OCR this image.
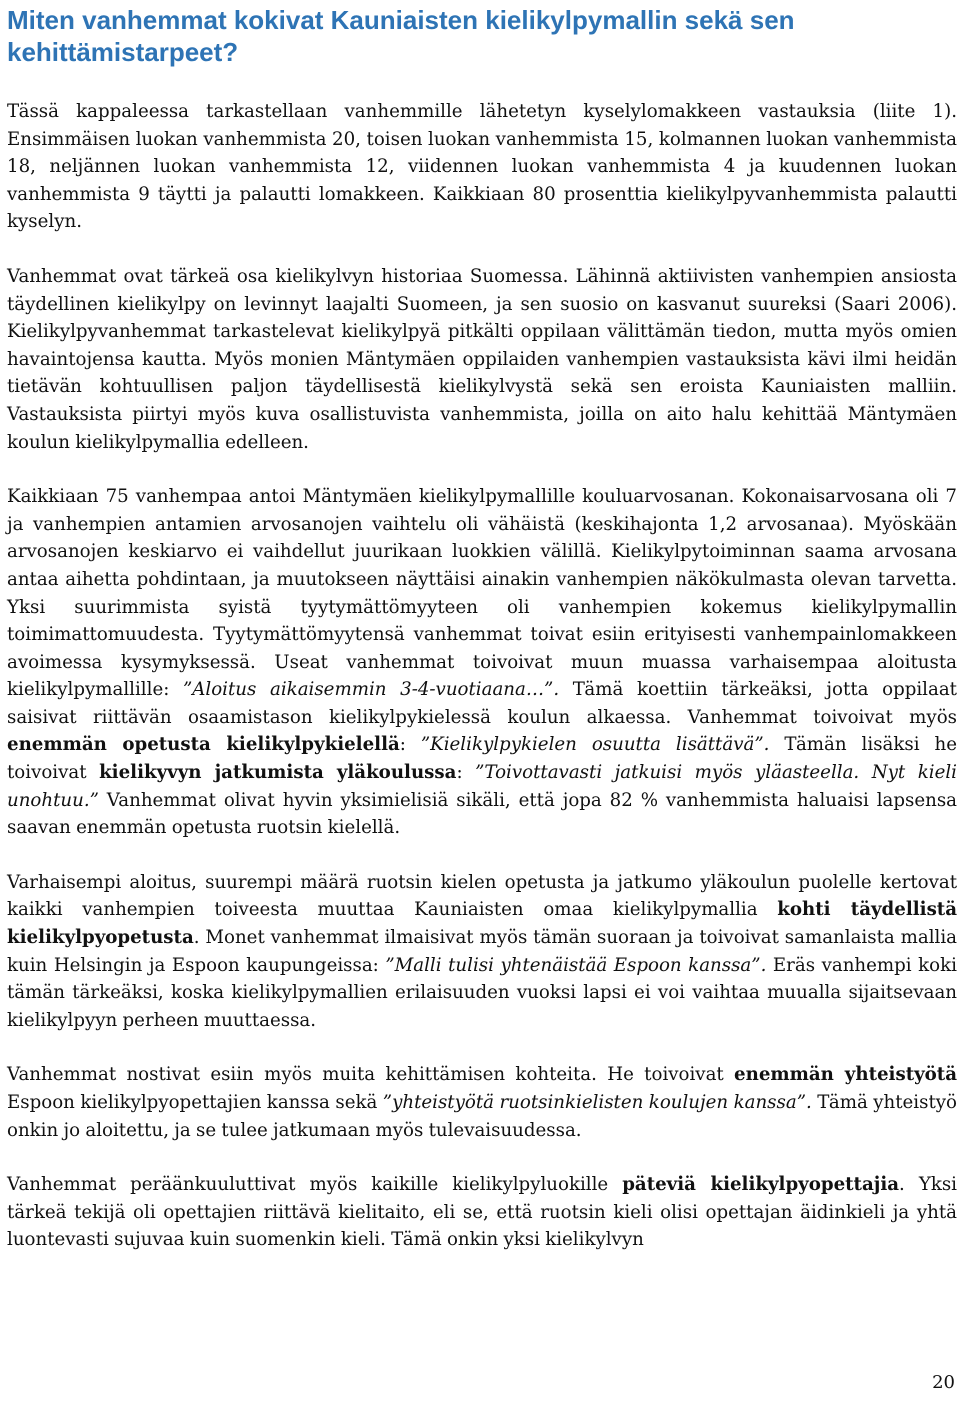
Miten vanhemmat kokivat Kauniaisten kielikylpymallin sekä sen kehittämistarpeet?

Tässä kappaleessa tarkastellaan vanhemmille lähetetyn kyselylomakkeen vastauksia (liite 1). Ensimmäisen luokan vanhemmista 20, toisen luokan vanhemmista 15, kolmannen luokan vanhemmista 18, neljännen luokan vanhemmista 12, viidennen luokan vanhemmista 4 ja kuudennen luokan vanhemmista 9 täytti ja palautti lomakkeen. Kaikkiaan 80 prosenttia kielikylpyvanhemmista palautti kyselyn.

Vanhemmat ovat tärkeä osa kielikylvyn historiaa Suomessa. Lähinnä aktiivisten vanhempien ansiosta täydellinen kielikylpy on levinnyt laajalti Suomeen, ja sen suosio on kasvanut suureksi (Saari 2006). Kielikylpyvanhemmat tarkastelevat kielikylpyä pitkälti oppilaan välittämän tiedon, mutta myös omien havaintojensa kautta. Myös monien Mäntymäen oppilaiden vanhempien vastauksista kävi ilmi heidän tietävän kohtuullisen paljon täydellisestä kielikylvystä sekä sen eroista Kauniaisten malliin. Vastauksista piirtyi myös kuva osallistuvista vanhemmista, joilla on aito halu kehittää Mäntymäen koulun kielikylpymallia edelleen.

Kaikkiaan 75 vanhempaa antoi Mäntymäen kielikylpymallille kouluarvosanan. Kokonaisarvosana oli 7 ja vanhempien antamien arvosanojen vaihtelu oli vähäistä (keskihajonta 1,2 arvosanaa). Myöskään arvosanojen keskiarvo ei vaihdellut juurikaan luokkien välillä. Kielikylpytoiminnan saama arvosana antaa aihetta pohdintaan, ja muutokseen näyttäisi ainakin vanhempien näkökulmasta olevan tarvetta. Yksi suurimmista syistä tyytymättömyyteen oli vanhempien kokemus kielikylpymallin toimimattomuudesta. Tyytymättömyytensä vanhemmat toivat esiin erityisesti vanhempainlomakkeen avoimessa kysymyksessä. Useat vanhemmat toivoivat muun muassa varhaisempaa aloitusta kielikylpymallille: ”Aloitus aikaisemmin 3-4-vuotiaana…”. Tämä koettiin tärkeäksi, jotta oppilaat saisivat riittävän osaamistason kielikylpykielessä koulun alkaessa. Vanhemmat toivoivat myös enemmän opetusta kielikylpykielellä: ”Kielikylpykielen osuutta lisättävä”. Tämän lisäksi he toivoivat kielikyvyn jatkumista yläkoulussa: ”Toivottavasti jatkuisi myös yläasteella. Nyt kieli unohtuu.” Vanhemmat olivat hyvin yksimielisiä sikäli, että jopa 82 % vanhemmista haluaisi lapsensa saavan enemmän opetusta ruotsin kielellä.

Varhaisempi aloitus, suurempi määrä ruotsin kielen opetusta ja jatkumo yläkoulun puolelle kertovat kaikki vanhempien toiveesta muuttaa Kauniaisten omaa kielikylpymallia kohti täydellistä kielikylpyopetusta. Monet vanhemmat ilmaisivat myös tämän suoraan ja toivoivat samanlaista mallia kuin Helsingin ja Espoon kaupungeissa: ”Malli tulisi yhtenäistää Espoon kanssa”. Eräs vanhempi koki tämän tärkeäksi, koska kielikylpymallien erilaisuuden vuoksi lapsi ei voi vaihtaa muualla sijaitsevaan kielikylpyyn perheen muuttaessa.

Vanhemmat nostivat esiin myös muita kehittämisen kohteita. He toivoivat enemmän yhteistyötä Espoon kielikylpyopettajien kanssa sekä ”yhteistyötä ruotsinkielisten koulujen kanssa”. Tämä yhteistyö onkin jo aloitettu, ja se tulee jatkumaan myös tulevaisuudessa.

Vanhemmat peräänkuuluttivat myös kaikille kielikylpyluokille päteviä kielikylpyopettajia. Yksi tärkeä tekijä oli opettajien riittävä kielitaito, eli se, että ruotsin kieli olisi opettajan äidinkieli ja yhtä luontevasti sujuvaa kuin suomenkin kieli. Tämä onkin yksi kielikylvyn

20
